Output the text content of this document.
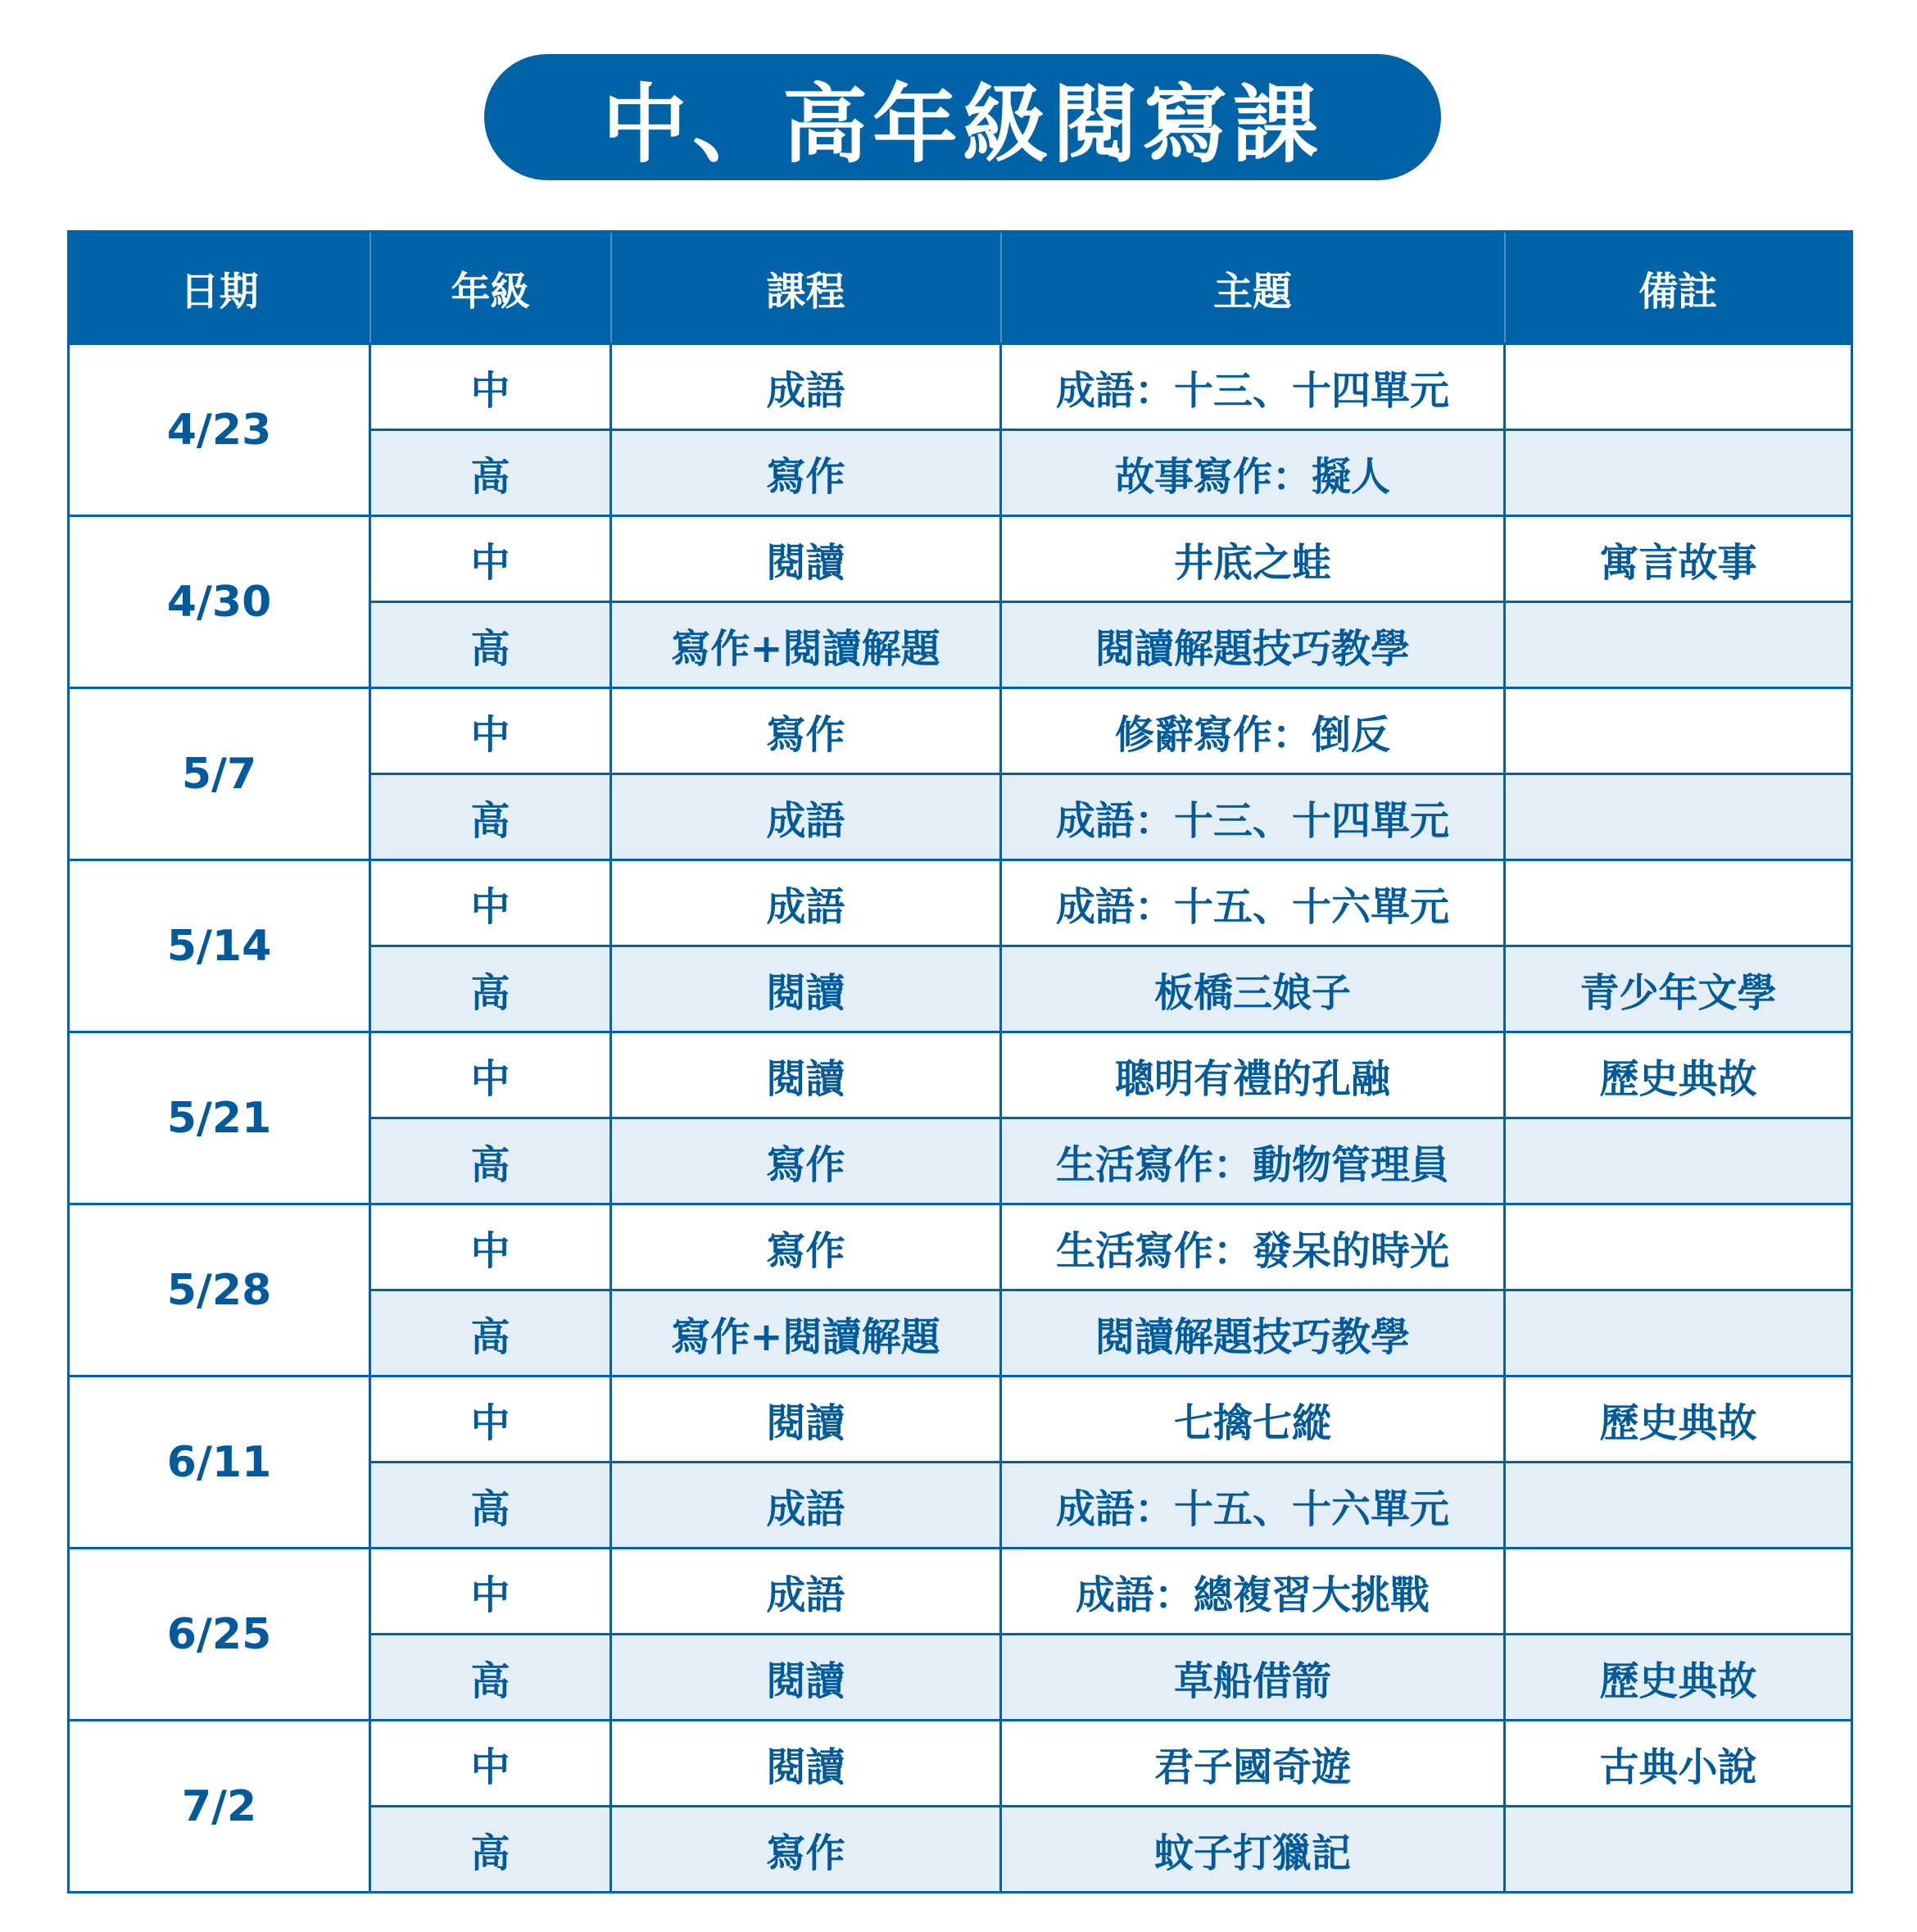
中、高年級閱寫課
日期	年級	課程	主題	備註
4/23	中	成語	成語：十三、十四單元	
	高	寫作	故事寫作：擬人	
4/30	中	閱讀	井底之蛙	寓言故事
	高	寫作+閱讀解題	閱讀解題技巧教學	
5/7	中	寫作	修辭寫作：倒反	
	高	成語	成語：十三、十四單元	
5/14	中	成語	成語：十五、十六單元	
	高	閱讀	板橋三娘子	青少年文學
5/21	中	閱讀	聰明有禮的孔融	歷史典故
	高	寫作	生活寫作：動物管理員	
5/28	中	寫作	生活寫作：發呆的時光	
	高	寫作+閱讀解題	閱讀解題技巧教學	
6/11	中	閱讀	七擒七縱	歷史典故
	高	成語	成語：十五、十六單元	
6/25	中	成語	成語：總複習大挑戰	
	高	閱讀	草船借箭	歷史典故
7/2	中	閱讀	君子國奇遊	古典小說
	高	寫作	蚊子打獵記	
